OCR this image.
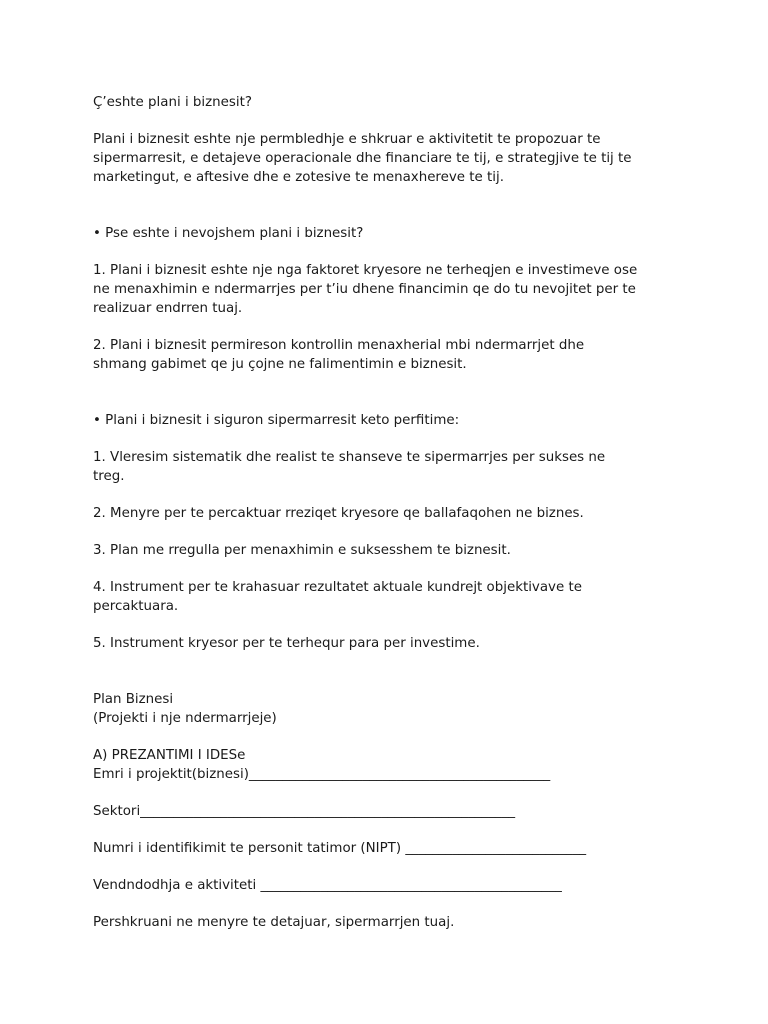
Ç’eshte plani i biznesit?

Plani i biznesit eshte nje permbledhje e shkruar e aktivitetit te propozuar te

sipermarresit, e detajeve operacionale dhe financiare te tij, e strategjive te tij te

marketingut, e aftesive dhe e zotesive te menaxhereve te tij.

• Pse eshte i nevojshem plani i biznesit?

1. Plani i biznesit eshte nje nga faktoret kryesore ne terheqjen e investimeve ose

ne menaxhimin e ndermarrjes per t’iu dhene financimin qe do tu nevojitet per te

realizuar endrren tuaj.

2. Plani i biznesit permireson kontrollin menaxherial mbi ndermarrjet dhe

shmang gabimet qe ju çojne ne falimentimin e biznesit.

• Plani i biznesit i siguron sipermarresit keto perfitime:

1. Vleresim sistematik dhe realist te shanseve te sipermarrjes per sukses ne

treg.

2. Menyre per te percaktuar rreziqet kryesore qe ballafaqohen ne biznes.

3. Plan me rregulla per menaxhimin e suksesshem te biznesit.

4. Instrument per te krahasuar rezultatet aktuale kundrejt objektivave te

percaktuara.

5. Instrument kryesor per te terhequr para per investime.

Plan Biznesi

(Projekti i nje ndermarrjeje)

A) PREZANTIMI I IDESe

Emri i projektit(biznesi)_____________________________________________

Sektori________________________________________________________

Numri i identifikimit te personit tatimor (NIPT) ___________________________

Vendndodhja e aktiviteti _____________________________________________

Pershkruani ne menyre te detajuar, sipermarrjen tuaj.
